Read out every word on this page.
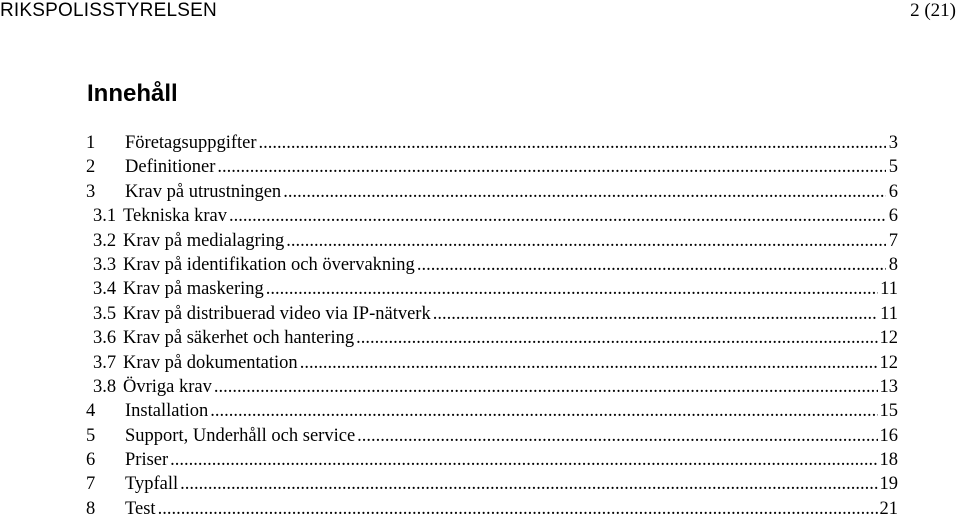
RIKSPOLISSTYRELSEN	2 (21)
Innehåll
1	Företagsuppgifter .....	3
2	Definitioner .....	5
3	Krav på utrustningen .....	6
3.1 Tekniska krav .....	6
3.2 Krav på medialagring .....	7
3.3 Krav på identifikation och övervakning .....	8
3.4 Krav på maskering .....	11
3.5 Krav på distribuerad video via IP-nätverk .....	11
3.6 Krav på säkerhet och hantering .....	12
3.7 Krav på dokumentation .....	12
3.8 Övriga krav .....	13
4	Installation .....	15
5	Support, Underhåll och service .....	16
6	Priser .....	18
7	Typfall .....	19
8	Test .....	21
